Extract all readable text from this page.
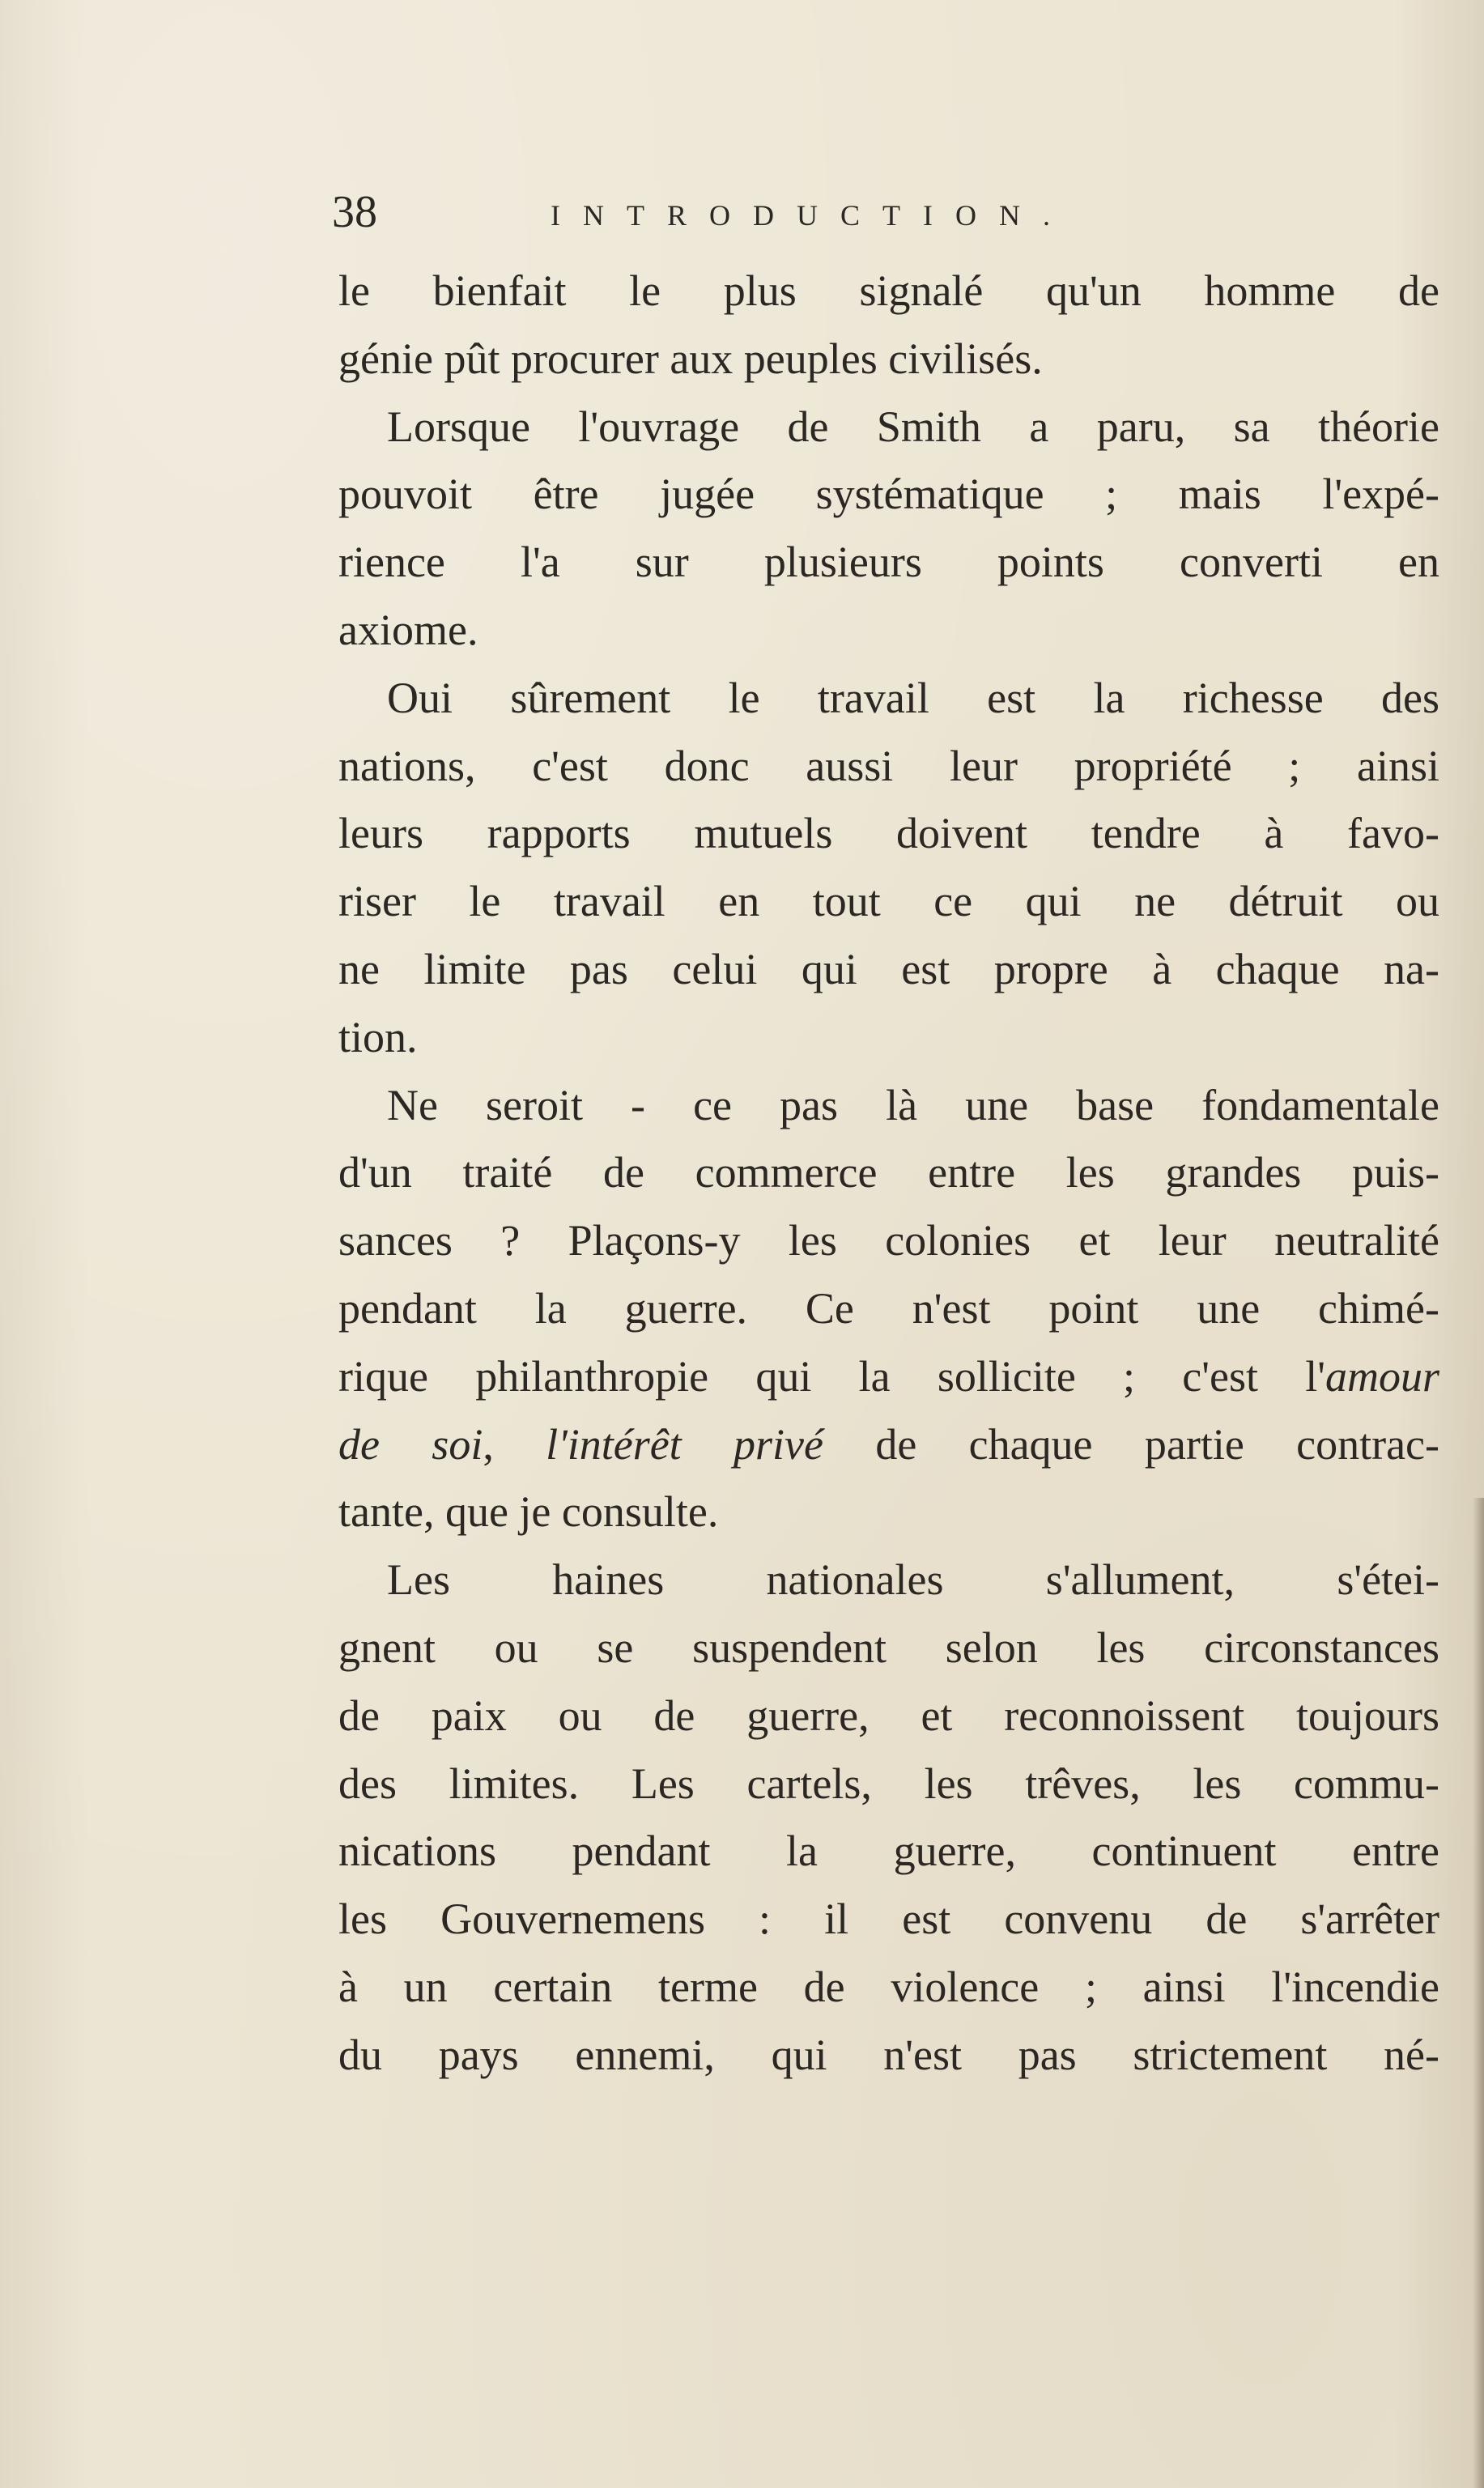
38	INTRODUCTION.
le bienfait le plus signalé qu'un homme de
génie pût procurer aux peuples civilisés.
Lorsque l'ouvrage de Smith a paru, sa théorie
pouvoit être jugée systématique ; mais l'expé-
rience l'a sur plusieurs points converti en
axiome.
Oui sûrement le travail est la richesse des
nations, c'est donc aussi leur propriété ; ainsi
leurs rapports mutuels doivent tendre à favo-
riser le travail en tout ce qui ne détruit ou
ne limite pas celui qui est propre à chaque na-
tion.
Ne seroit - ce pas là une base fondamentale
d'un traité de commerce entre les grandes puis-
sances ? Plaçons-y les colonies et leur neutralité
pendant la guerre. Ce n'est point une chimé-
rique philanthropie qui la sollicite ; c'est l'amour
de soi, l'intérêt privé de chaque partie contrac-
tante, que je consulte.
Les haines nationales s'allument, s'étei-
gnent ou se suspendent selon les circonstances
de paix ou de guerre, et reconnoissent toujours
des limites. Les cartels, les trêves, les commu-
nications pendant la guerre, continuent entre
les Gouvernemens : il est convenu de s'arrêter
à un certain terme de violence ; ainsi l'incendie
du pays ennemi, qui n'est pas strictement né-
